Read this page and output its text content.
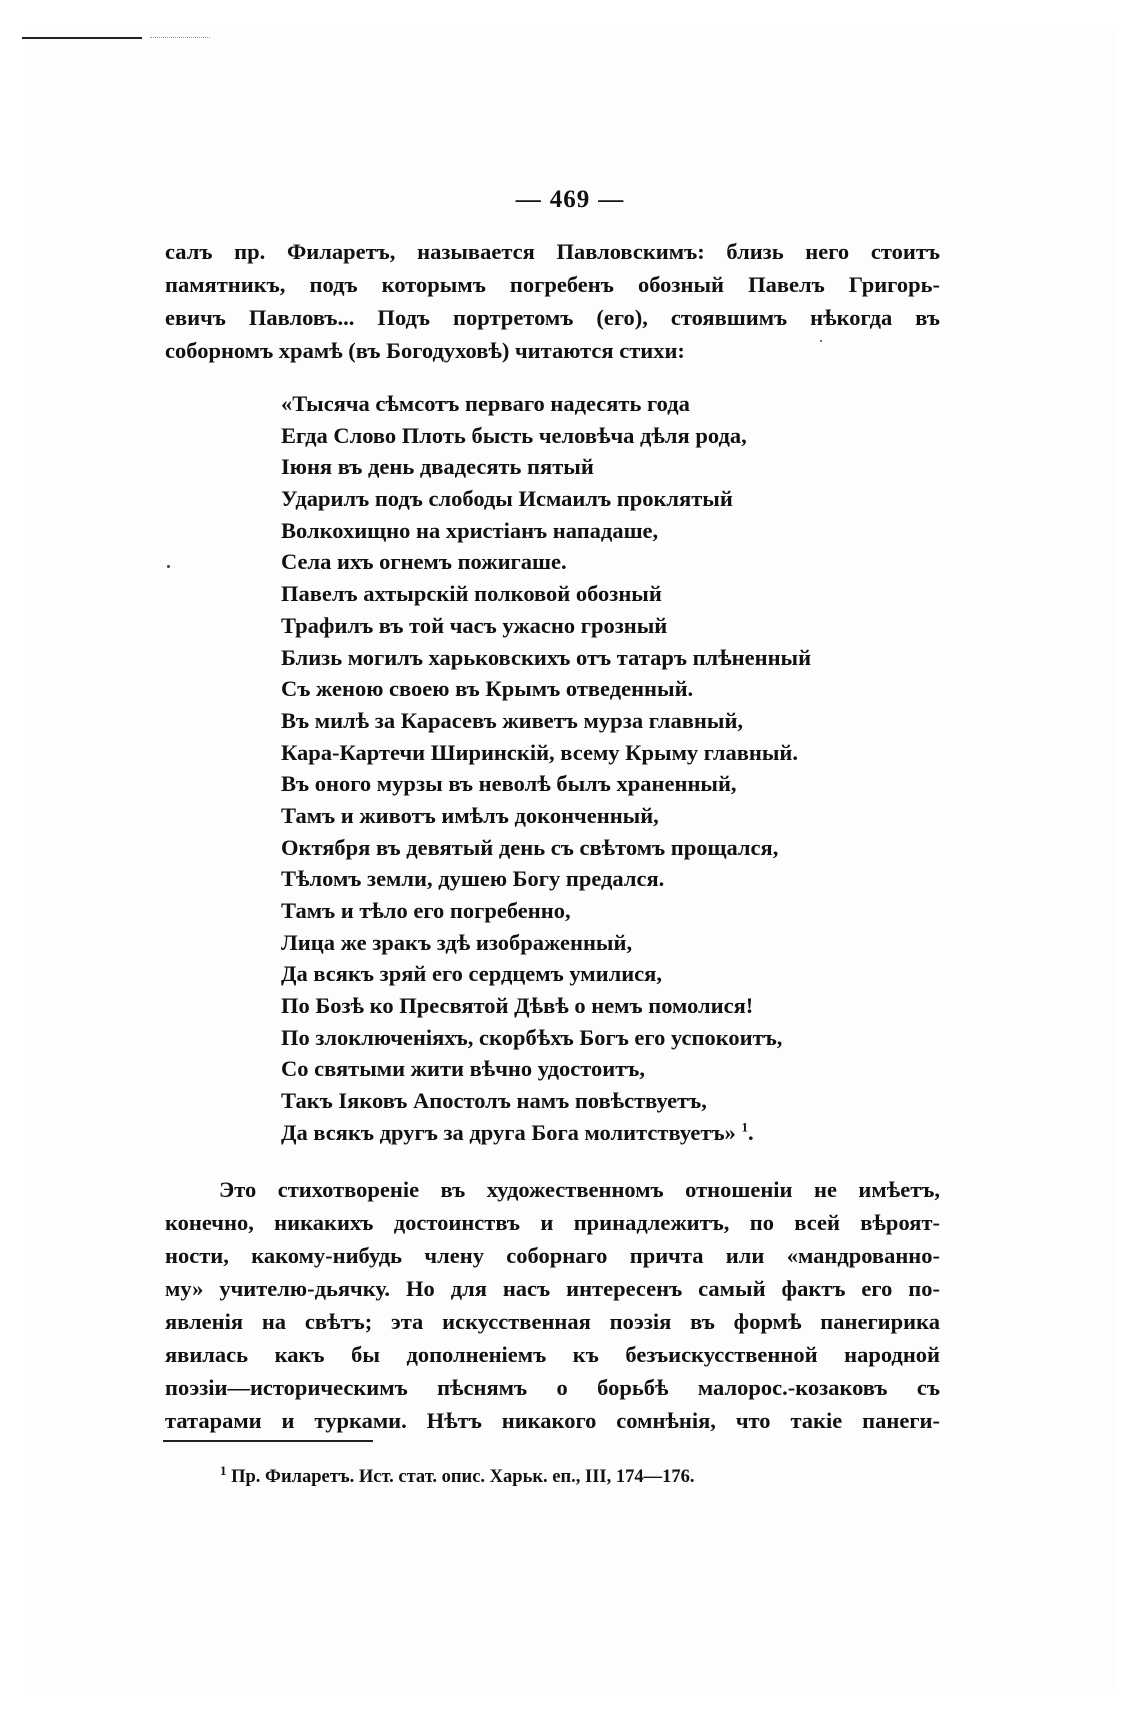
— 469 —
салъ пр. Филаретъ, называется Павловскимъ: близь него стоитъ
памятникъ, подъ которымъ погребенъ обозный Павелъ Григорь-
евичъ Павловъ... Подъ портретомъ (его), стоявшимъ нѣкогда въ
соборномъ храмѣ (въ Богодуховѣ) читаются стихи:
«Тысяча сѣмсотъ перваго надесять года
Егда Слово Плоть бысть человѣча дѣля рода,
Іюня въ день двадесять пятый
Ударилъ подъ слободы Исмаилъ проклятый
Волкохищно на христіанъ нападаше,
Села ихъ огнемъ пожигаше.
Павелъ ахтырскій полковой обозный
Трафилъ въ той часъ ужасно грозный
Близь могилъ харьковскихъ отъ татаръ плѣненный
Съ женою своею въ Крымъ отведенный.
Въ милѣ за Карасевъ живетъ мурза главный,
Кара-Картечи Ширинскій, всему Крыму главный.
Въ оного мурзы въ неволѣ былъ храненный,
Тамъ и животъ имѣлъ доконченный,
Октября въ девятый день съ свѣтомъ прощался,
Тѣломъ земли, душею Богу предался.
Тамъ и тѣло его погребенно,
Лица же зракъ здѣ изображенный,
Да всякъ зряй его сердцемъ умилися,
По Бозѣ ко Пресвятой Дѣвѣ о немъ помолися!
По злоключеніяхъ, скорбѣхъ Богъ его успокоитъ,
Со святыми жити вѣчно удостоитъ,
Такъ Іяковъ Апостолъ намъ повѣствуетъ,
Да всякъ другъ за друга Бога молитствуетъ» $^1$.
Это стихотвореніе въ художественномъ отношеніи не имѣетъ,
конечно, никакихъ достоинствъ и принадлежитъ, по всей вѣроят-
ности, какому-нибудь члену соборнаго причта или «мандрованно-
му» учителю-дьячку. Но для насъ интересенъ самый фактъ его по-
явленія на свѣтъ; эта искусственная поэзія въ формѣ панегирика
явилась какъ бы дополненіемъ къ безъискусственной народной
поэзіи—историческимъ пѣснямъ о борьбѣ малорос.-козаковъ съ
татарами и турками. Нѣтъ никакого сомнѣнія, что такіе панеги-
$^1$ Пр. Филаретъ. Ист. стат. опис. Харьк. еп., III, 174—176.
